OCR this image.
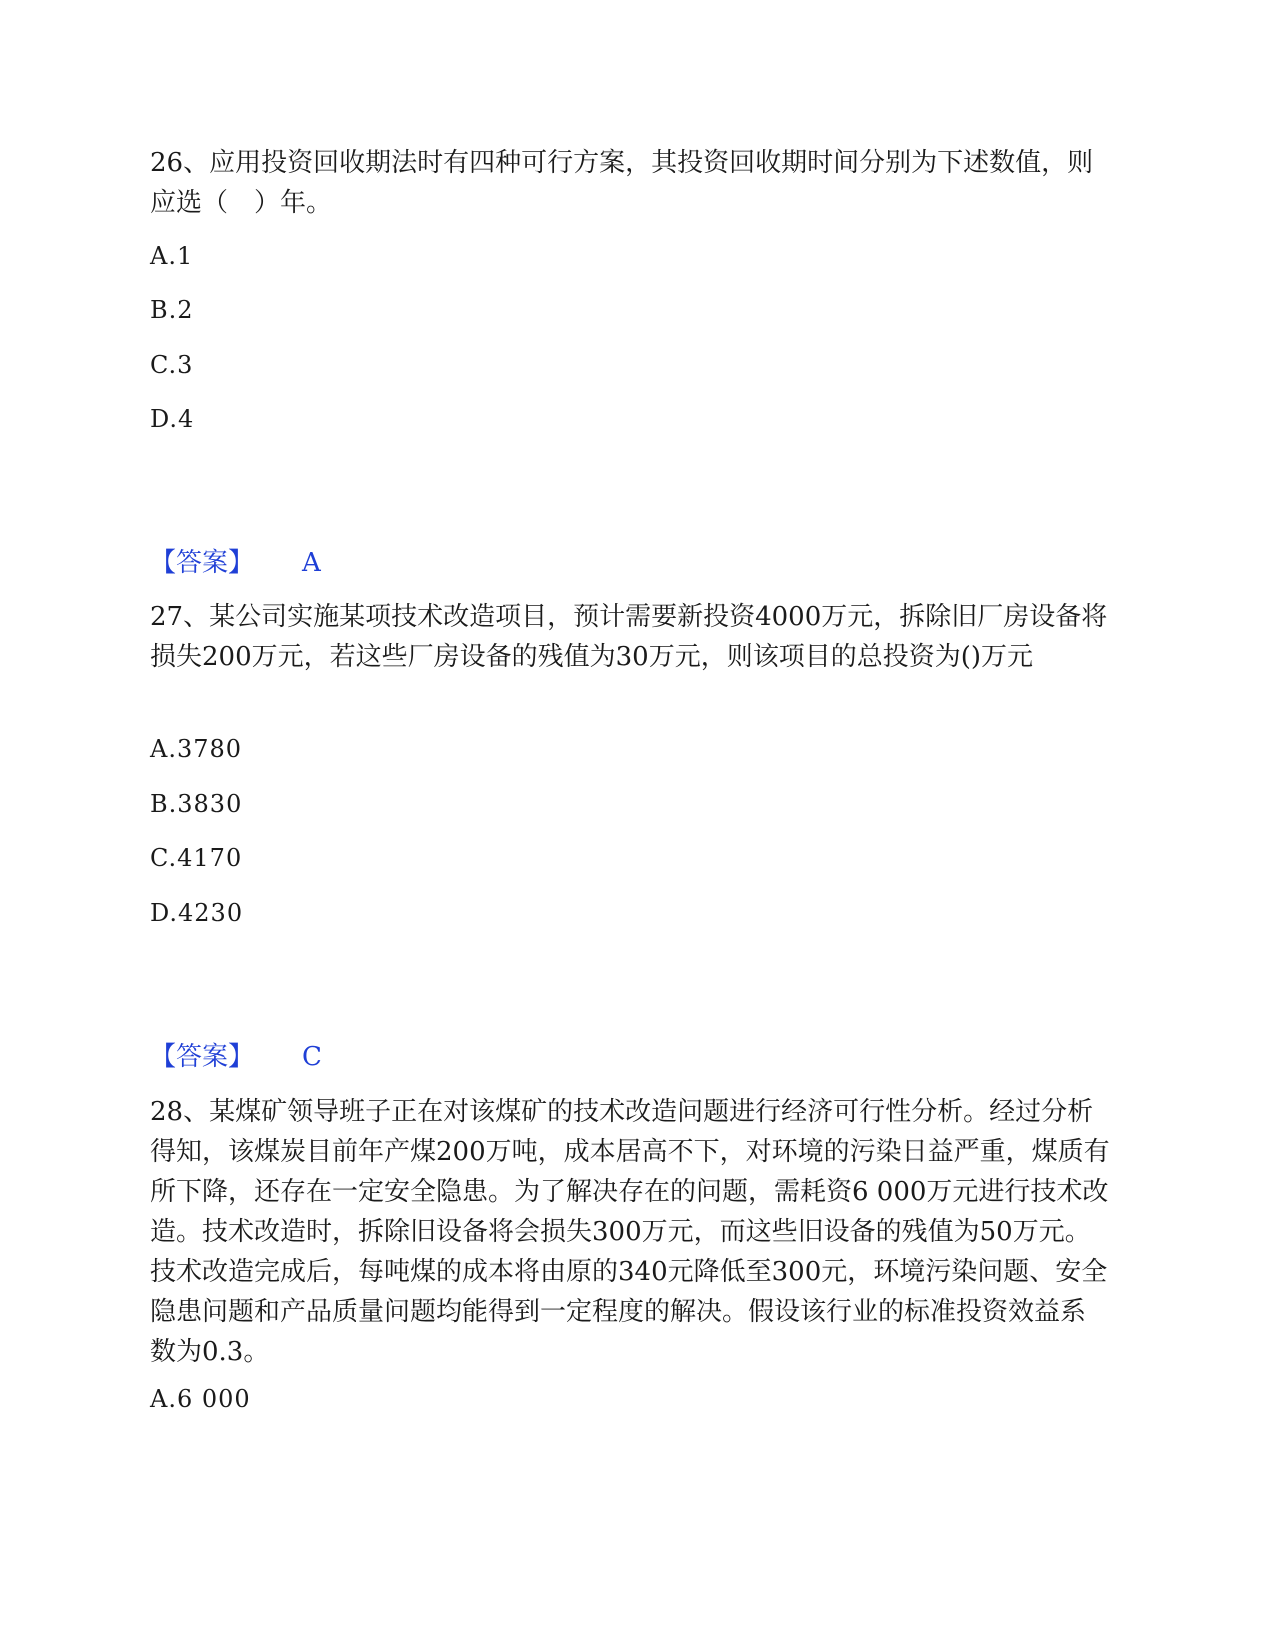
26、应用投资回收期法时有四种可行方案，其投资回收期时间分别为下述数值，则应选（　）年。

A.1
B.2
C.3
D.4
【答案】 A

27、某公司实施某项技术改造项目，预计需要新投资4000万元，拆除旧厂房设备将损失200万元，若这些厂房设备的残值为30万元，则该项目的总投资为()万元

A.3780
B.3830
C.4170
D.4230
【答案】 C

28、某煤矿领导班子正在对该煤矿的技术改造问题进行经济可行性分析。经过分析得知，该煤炭目前年产煤200万吨，成本居高不下，对环境的污染日益严重，煤质有所下降，还存在一定安全隐患。为了解决存在的问题，需耗资6 000万元进行技术改造。技术改造时，拆除旧设备将会损失300万元，而这些旧设备的残值为50万元。技术改造完成后，每吨煤的成本将由原的340元降低至300元，环境污染问题、安全隐患问题和产品质量问题均能得到一定程度的解决。假设该行业的标准投资效益系数为0.3。

A.6 000
